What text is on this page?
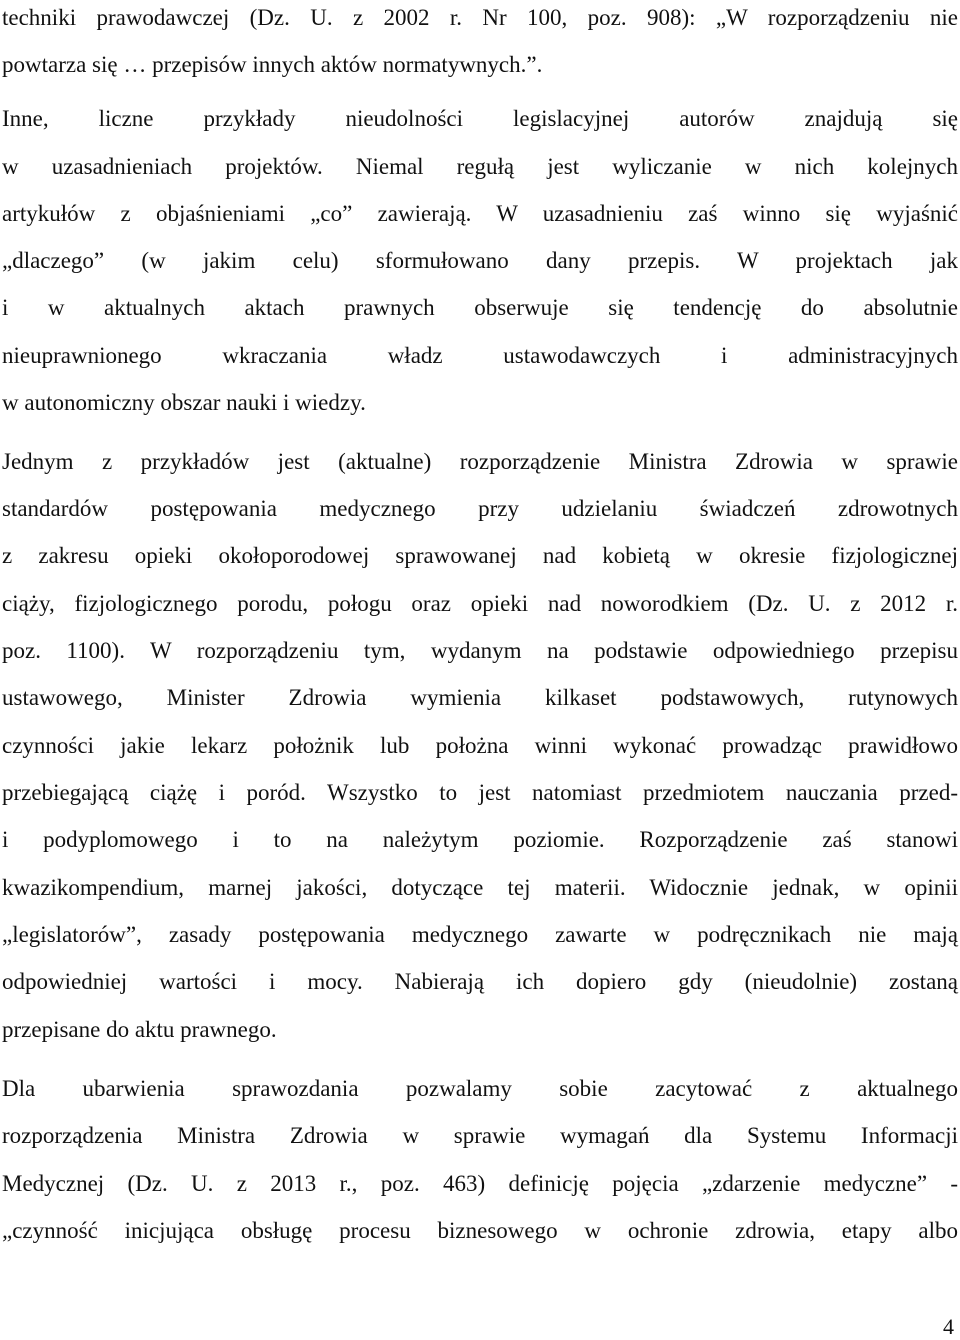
techniki prawodawczej (Dz. U. z 2002 r. Nr 100, poz. 908): „W rozporządzeniu nie
powtarza się … przepisów innych aktów normatywnych.”.
Inne, liczne przykłady nieudolności legislacyjnej autorów znajdują się
w uzasadnieniach projektów. Niemal regułą jest wyliczanie w nich kolejnych
artykułów z objaśnieniami „co” zawierają. W uzasadnieniu zaś winno się wyjaśnić
„dlaczego” (w jakim celu) sformułowano dany przepis. W projektach jak
i w aktualnych aktach prawnych obserwuje się tendencję do absolutnie
nieuprawnionego wkraczania władz ustawodawczych i administracyjnych
w autonomiczny obszar nauki i wiedzy.
Jednym z przykładów jest (aktualne) rozporządzenie Ministra Zdrowia w sprawie
standardów postępowania medycznego przy udzielaniu świadczeń zdrowotnych
z zakresu opieki okołoporodowej sprawowanej nad kobietą w okresie fizjologicznej
ciąży, fizjologicznego porodu, połogu oraz opieki nad noworodkiem (Dz. U. z 2012 r.
poz. 1100). W rozporządzeniu tym, wydanym na podstawie odpowiedniego przepisu
ustawowego, Minister Zdrowia wymienia kilkaset podstawowych, rutynowych
czynności jakie lekarz położnik lub położna winni wykonać prowadząc prawidłowo
przebiegającą ciążę i poród. Wszystko to jest natomiast przedmiotem nauczania przed-
i podyplomowego i to na należytym poziomie. Rozporządzenie zaś stanowi
kwazikompendium, marnej jakości, dotyczące tej materii. Widocznie jednak, w opinii
„legislatorów”, zasady postępowania medycznego zawarte w podręcznikach nie mają
odpowiedniej wartości i mocy. Nabierają ich dopiero gdy (nieudolnie) zostaną
przepisane do aktu prawnego.
Dla ubarwienia sprawozdania pozwalamy sobie zacytować z aktualnego
rozporządzenia Ministra Zdrowia w sprawie wymagań dla Systemu Informacji
Medycznej (Dz. U. z 2013 r., poz. 463) definicję pojęcia „zdarzenie medyczne” -
„czynność inicjująca obsługę procesu biznesowego w ochronie zdrowia, etapy albo
4
